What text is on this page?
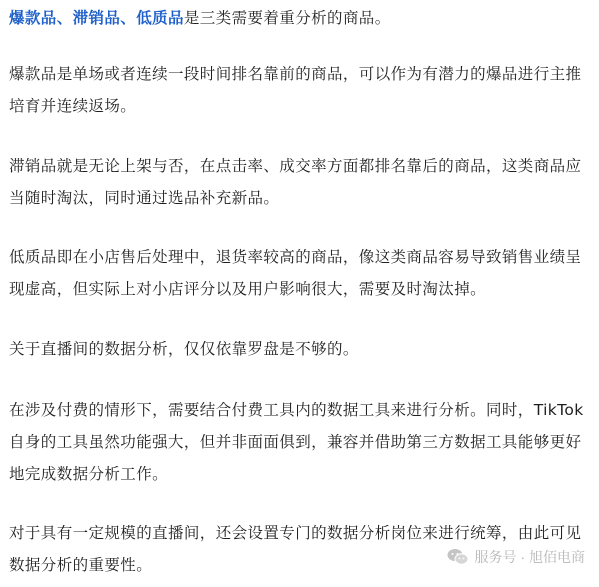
爆款品、滞销品、低质品是三类需要着重分析的商品。

爆款品是单场或者连续一段时间排名靠前的商品，可以作为有潜力的爆品进行主推培育并连续返场。

滞销品就是无论上架与否，在点击率、成交率方面都排名靠后的商品，这类商品应当随时淘汰，同时通过选品补充新品。

低质品即在小店售后处理中，退货率较高的商品，像这类商品容易导致销售业绩呈现虚高，但实际上对小店评分以及用户影响很大，需要及时淘汰掉。

关于直播间的数据分析，仅仅依靠罗盘是不够的。

在涉及付费的情形下，需要结合付费工具内的数据工具来进行分析。同时，TikTok 自身的工具虽然功能强大，但并非面面俱到，兼容并借助第三方数据工具能够更好地完成数据分析工作。

对于具有一定规模的直播间，还会设置专门的数据分析岗位来进行统筹，由此可见数据分析的重要性。	服务号 · 旭佰电商
